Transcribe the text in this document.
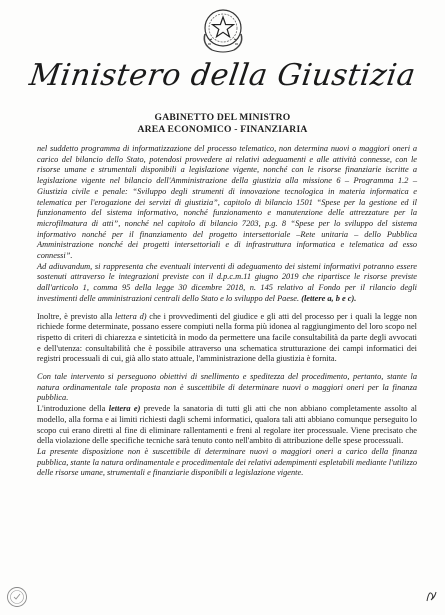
Ministero della Giustizia
GABINETTO DEL MINISTRO
AREA ECONOMICO - FINANZIARIA

nel suddetto programma di informatizzazione del processo telematico, non determina nuovi o maggiori oneri a carico del bilancio dello Stato, potendosi provvedere ai relativi adeguamenti e alle attività connesse, con le risorse umane e strumentali disponibili a legislazione vigente, nonché con le risorse finanziarie iscritte a legislazione vigente nel bilancio dell'Amministrazione della giustizia alla missione 6 – Programma 1.2 – Giustizia civile e penale: “Sviluppo degli strumenti di innovazione tecnologica in materia informatica e telematica per l'erogazione dei servizi di giustizia”, capitolo di bilancio 1501 “Spese per la gestione ed il funzionamento del sistema informativo, nonché funzionamento e manutenzione delle attrezzature per la microfilmatura di atti”, nonché nel capitolo di bilancio 7203, p.g. 8 “Spese per lo sviluppo del sistema informativo nonché per il finanziamento del progetto intersettoriale –Rete unitaria – dello Pubblica Amministrazione nonché dei progetti intersettoriali e di infrastruttura informatica e telematica ad esso connessi”.

Ad adiuvandum, si rappresenta che eventuali interventi di adeguamento dei sistemi informativi potranno essere sostenuti attraverso le integrazioni previste con il d.p.c.m.11 giugno 2019 che ripartisce le risorse previste dall'articolo 1, comma 95 della legge 30 dicembre 2018, n. 145 relativo al Fondo per il rilancio degli investimenti delle amministrazioni centrali dello Stato e lo sviluppo del Paese. (lettere a, b e c).

Inoltre, è previsto alla lettera d) che i provvedimenti del giudice e gli atti del processo per i quali la legge non richiede forme determinate, possano essere compiuti nella forma più idonea al raggiungimento del loro scopo nel rispetto di criteri di chiarezza e sinteticità in modo da permettere una facile consultabilità da parte degli avvocati e dell'utenza: consultabilità che è possibile attraverso una schematica strutturazione dei campi informatici dei registri processuali di cui, già allo stato attuale, l'amministrazione della giustizia è fornita.

Con tale intervento si perseguono obiettivi di snellimento e speditezza del procedimento, pertanto, stante la natura ordinamentale tale proposta non è suscettibile di determinare nuovi o maggiori oneri per la finanza pubblica.

L'introduzione della lettera e) prevede la sanatoria di tutti gli atti che non abbiano completamente assolto al modello, alla forma e ai limiti richiesti dagli schemi informatici, qualora tali atti abbiano comunque perseguito lo scopo cui erano diretti al fine di eliminare rallentamenti e freni al regolare iter processuale. Viene precisato che della violazione delle specifiche tecniche sarà tenuto conto nell'ambito di attribuzione delle spese processuali.

La presente disposizione non è suscettibile di determinare nuovi o maggiori oneri a carico della finanza pubblica, stante la natura ordinamentale e procedimentale dei relativi adempimenti espletabili mediante l'utilizzo delle risorse umane, strumentali e finanziarie disponibili a legislazione vigente.
